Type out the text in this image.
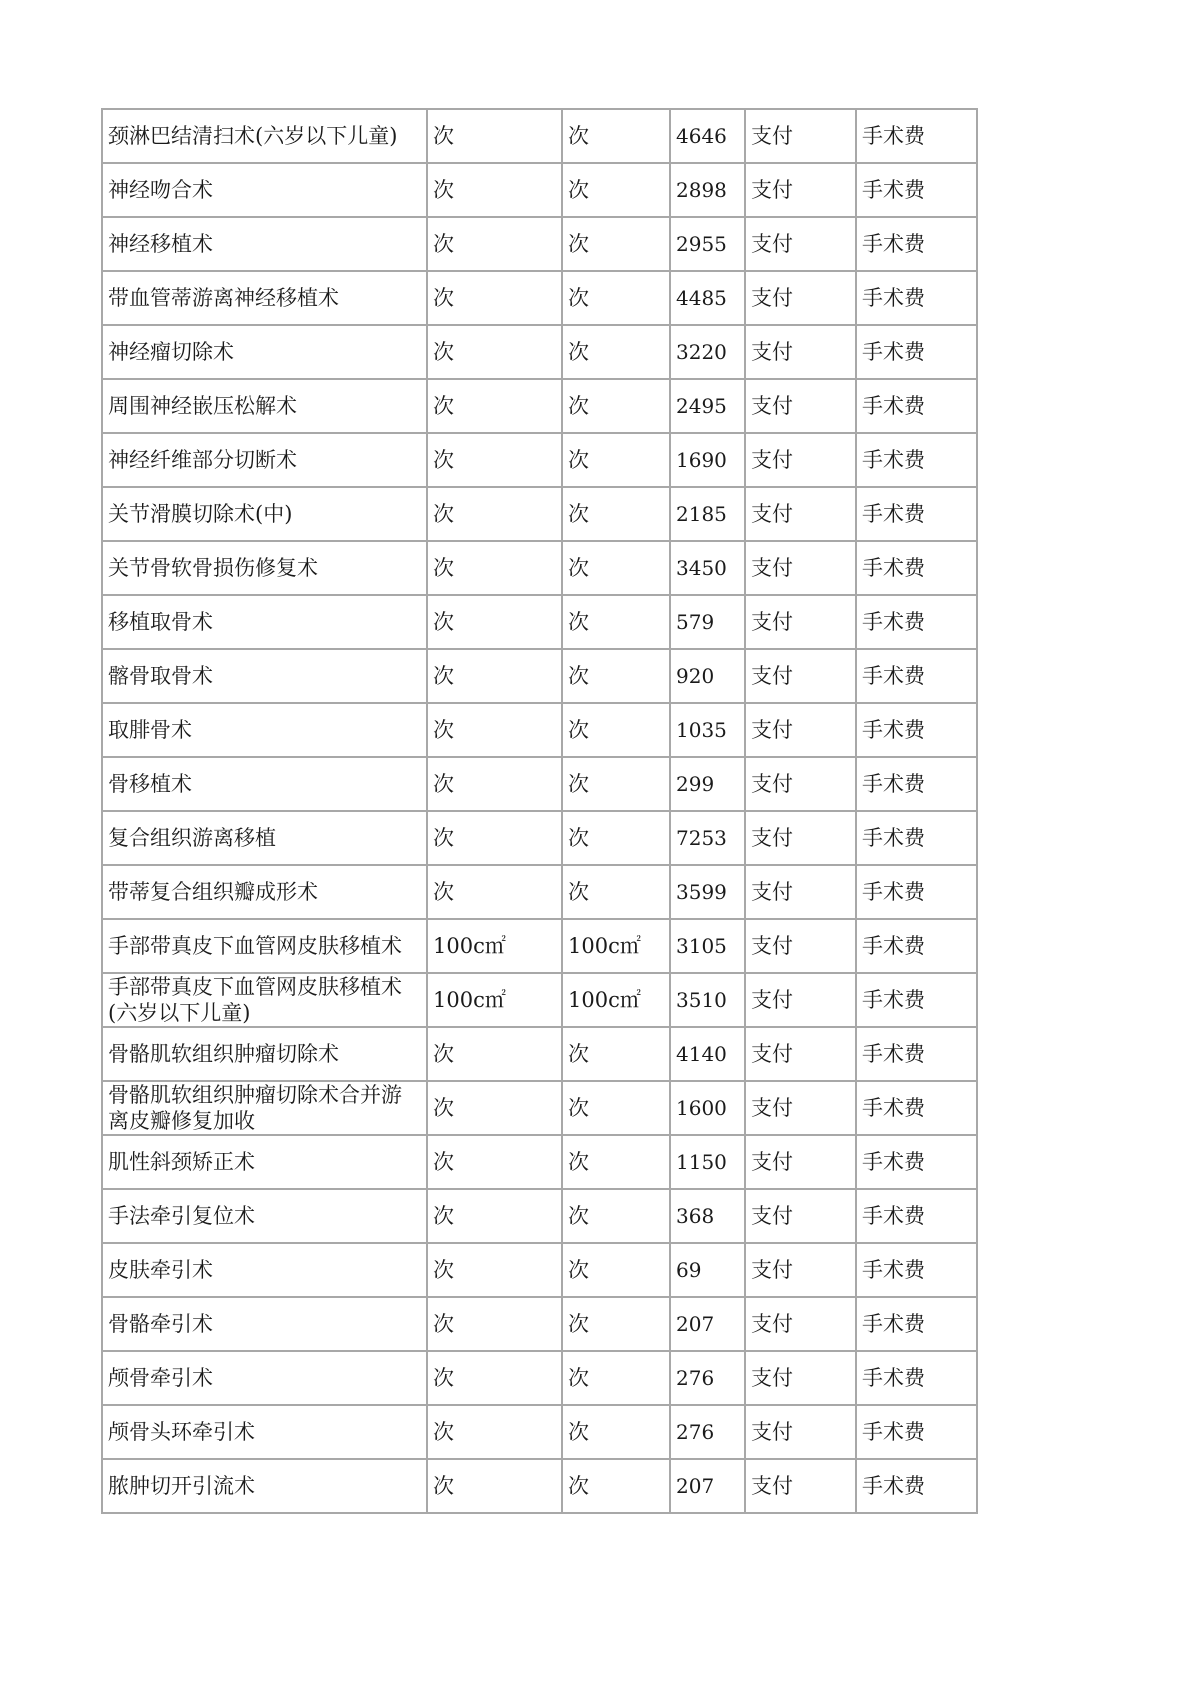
颈淋巴结清扫术(六岁以下儿童)	次	次	4646	支付	手术费
神经吻合术	次	次	2898	支付	手术费
神经移植术	次	次	2955	支付	手术费
带血管蒂游离神经移植术	次	次	4485	支付	手术费
神经瘤切除术	次	次	3220	支付	手术费
周围神经嵌压松解术	次	次	2495	支付	手术费
神经纤维部分切断术	次	次	1690	支付	手术费
关节滑膜切除术(中)	次	次	2185	支付	手术费
关节骨软骨损伤修复术	次	次	3450	支付	手术费
移植取骨术	次	次	579	支付	手术费
髂骨取骨术	次	次	920	支付	手术费
取腓骨术	次	次	1035	支付	手术费
骨移植术	次	次	299	支付	手术费
复合组织游离移植	次	次	7253	支付	手术费
带蒂复合组织瓣成形术	次	次	3599	支付	手术费
手部带真皮下血管网皮肤移植术	100c㎡	100c㎡	3105	支付	手术费
手部带真皮下血管网皮肤移植术(六岁以下儿童)	100c㎡	100c㎡	3510	支付	手术费
骨骼肌软组织肿瘤切除术	次	次	4140	支付	手术费
骨骼肌软组织肿瘤切除术合并游离皮瓣修复加收	次	次	1600	支付	手术费
肌性斜颈矫正术	次	次	1150	支付	手术费
手法牵引复位术	次	次	368	支付	手术费
皮肤牵引术	次	次	69	支付	手术费
骨骼牵引术	次	次	207	支付	手术费
颅骨牵引术	次	次	276	支付	手术费
颅骨头环牵引术	次	次	276	支付	手术费
脓肿切开引流术	次	次	207	支付	手术费
